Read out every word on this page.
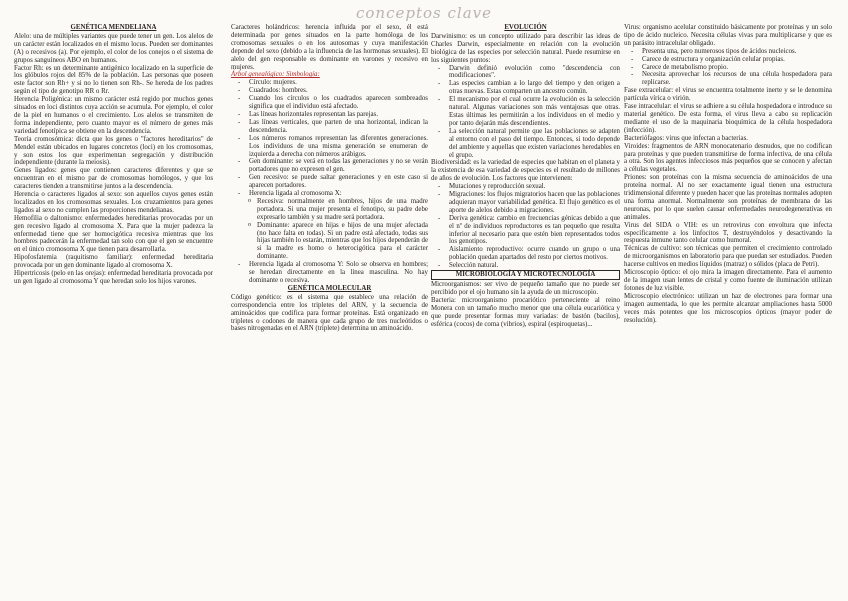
conceptos clave
GENÉTICA MENDELIANA

Alelo: una de múltiples variantes que puede tener un gen. Los alelos de un carácter están localizados en el mismo locus. Pueden ser dominantes (A) o recesivos (a). Por ejemplo, el color de los conejos o el sistema de grupos sanguíneos ABO en humanos.

Factor Rh: es un determinante antigénico localizado en la superficie de los glóbulos rojos del 85% de la población. Las personas que poseen este factor son Rh+ y si no lo tienen son Rh-. Se hereda de los padres según el tipo de genotipo RR o Rr.

Herencia Poligénica: un mismo carácter está regido por muchos genes situados en loci distintos cuya acción se acumula. Por ejemplo, el color de la piel en humanos o el crecimiento. Los alelos se transmiten de forma independiente, pero cuanto mayor es el número de genes más variedad fenotípica se obtiene en la descendencia.

Teoría cromosómica: dicta que los genes o "factores hereditarios" de Mendel están ubicados en lugares concretos (loci) en los cromosomas, y son estos los que experimentan segregación y distribución independiente (durante la meiosis).

Genes ligados: genes que contienen caracteres diferentes y que se encuentran en el mismo par de cromosomas homólogos, y que los caracteres tienden a transmitirse juntos a la descendencia.

Herencia o caracteres ligados al sexo: son aquellos cuyos genes están localizados en los cromosomas sexuales. Los cruzamientos para genes ligados al sexo no cumplen las proporciones mendelianas.

Hemofilia o daltonismo: enfermedades hereditarias provocadas por un gen recesivo ligado al cromosoma X. Para que la mujer padezca la enfermedad tiene que ser homocigótica recesiva mientras que los hombres padecerán la enfermedad tan solo con que el gen se encuentre en el único cromosoma X que tienen para desarrollarla.

Hipofosfatemia (raquitismo familiar): enfermedad hereditaria provocada por un gen dominante ligado al cromosoma X.

Hipertricosis (pelo en las orejas): enfermedad hereditaria provocada por un gen ligado al cromosoma Y que heredan solo los hijos varones.

Caracteres holándricos: herencia influida por el sexo, él está determinada por genes situados en la parte homóloga de los cromosomas sexuales o en los autosomas y cuya manifestación depende del sexo (debido a la influencia de las hormonas sexuales). El alelo del gen responsable es dominante en varones y recesivo en mujeres.

Árbol genealógico: Simbología:

- Círculo: mujeres.
- Cuadrados: hombres.
- Cuando los círculos o los cuadrados aparecen sombreados significa que el individuo está afectado.
- Las líneas horizontales representan las parejas.
- Las líneas verticales, que parten de una horizontal, indican la descendencia.
- Los números romanos representan las diferentes generaciones. Los individuos de una misma generación se enumeran de izquierda a derecha con números arábigos.
- Gen dominante: se verá en todas las generaciones y no se verán portadores que no expresen el gen.
- Gen recesivo: se puede saltar generaciones y en este caso si aparecen portadores.
- Herencia ligada al cromosoma X:
o Recesiva: normalmente en hombres, hijos de una madre portadora. Si una mujer presenta el fenotipo, su padre debe expresarlo también y su madre será portadora.
o Dominante: aparece en hijas e hijos de una mujer afectada (no hace falta en todas). Si un padre está afectado, todas sus hijas también lo estarán, mientras que los hijos dependerán de si la madre es homo o heterocigótica para el carácter dominante.
- Herencia ligada al cromosoma Y: Solo se observa en hombres; se heredan directamente en la línea masculina. No hay dominante o recesiva.
GENÉTICA MOLECULAR

Código genético: es el sistema que establece una relación de correspondencia entre los tripletes del ARN, y la secuencia de aminoácidos que codifica para formar proteínas. Está organizado en tripletes o codones de manera que cada grupo de tres nucleótidos o bases nitrogenadas en el ARN (triplete) determina un aminoácido.

EVOLUCIÓN

Darwinismo: es un concepto utilizado para describir las ideas de Charles Darwin, especialmente en relación con la evolución biológica de las especies por selección natural. Puede resumirse en los siguientes puntos:

- Darwin definió evolución como "descendencia con modificaciones".
- Las especies cambian a lo largo del tiempo y den origen a otras nuevas. Estas comparten un ancestro común.
- El mecanismo por el cual ocurre la evolución es la selección natural. Algunas variaciones son más ventajosas que otras. Estas últimas les permitirán a los individuos en el medio y por tanto dejarán más descendientes.
- La selección natural permite que las poblaciones se adapten al entorno con el paso del tiempo. Entonces, si todo depende del ambiente y aquellas que existen variaciones heredables en el grupo.

Biodiversidad: es la variedad de especies que habitan en el planeta y la existencia de esa variedad de especies es el resultado de millones de años de evolución. Los factores que intervienen:

- Mutaciones y reproducción sexual.
- Migraciones: los flujos migratorios hacen que las poblaciones adquieran mayor variabilidad genética. El flujo genético es el aporte de alelos debido a migraciones.
- Deriva genética: cambio en frecuencias génicas debido a que el nº de individuos reproductores es tan pequeño que resulta inferior al necesario para que estén bien representados todos los genotipos.
- Aislamiento reproductivo: ocurre cuando un grupo o una población quedan apartados del resto por ciertos motivos.
- Selección natural.
MICROBIOLOGÍA Y MICROTECNOLOGÍA

Microorganismos: ser vivo de pequeño tamaño que no puede ser percibido por el ojo humano sin la ayuda de un microscopio.

Bacteria: microorganismo procariótico perteneciente al reino Monera con un tamaño mucho menor que una célula eucariótica y que puede presentar formas muy variadas: de bastón (bacilos), esférica (cocos) de coma (vibrios), espiral (espiroquetas)...

Virus: organismo acelular constituido básicamente por proteínas y un solo tipo de ácido nucleico. Necesita células vivas para multiplicarse y que es un parásito intracelular obligado.

- Presenta una, pero numerosos tipos de ácidos nucleicos.
- Carece de estructura y organización celular propias.
- Carece de metabolismo propio.
- Necesita aprovechar los recursos de una célula hospedadora para replicarse.

Fase extracelular: el virus se encuentra totalmente inerte y se le denomina partícula vírica o virión.

Fase intracelular: el virus se adhiere a su célula hospedadora e introduce su material genético. De esta forma, el virus lleva a cabo su replicación mediante el uso de la maquinaria bioquímica de la célula hospedadora (infección).

Bacteriófagos: virus que infectan a bacterias.

Viroides: fragmentos de ARN monocatenario desnudos, que no codifican para proteínas y que pueden transmitirse de forma infectiva, de una célula a otra. Son los agentes infecciosos más pequeños que se conocen y afectan a células vegetales.

Priones: son proteínas con la misma secuencia de aminoácidos de una proteína normal. Al no ser exactamente igual tienen una estructura tridimensional diferente y pueden hacer que las proteínas normales adopten una forma anormal. Normalmente son proteínas de membrana de las neuronas, por lo que suelen causar enfermedades neurodegenerativas en animales.

Virus del SIDA o VIH: es un retrovirus con envoltura que infecta específicamente a los linfocitos T, destruyéndolos y desactivando la respuesta inmune tanto celular como humoral.

Técnicas de cultivo: son técnicas que permiten el crecimiento controlado de microorganismos en laboratorio para que puedan ser estudiados. Pueden hacerse cultivos en medios líquidos (matraz) o sólidos (placa de Petri).

Microscopio óptico: el ojo mira la imagen directamente. Para el aumento de la imagen usan lentes de cristal y como fuente de iluminación utilizan fotones de luz visible.

Microscopio electrónico: utilizan un haz de electrones para formar una imagen aumentada, lo que les permite alcanzar ampliaciones hasta 5000 veces más potentes que los microscopios ópticos (mayor poder de resolución).
